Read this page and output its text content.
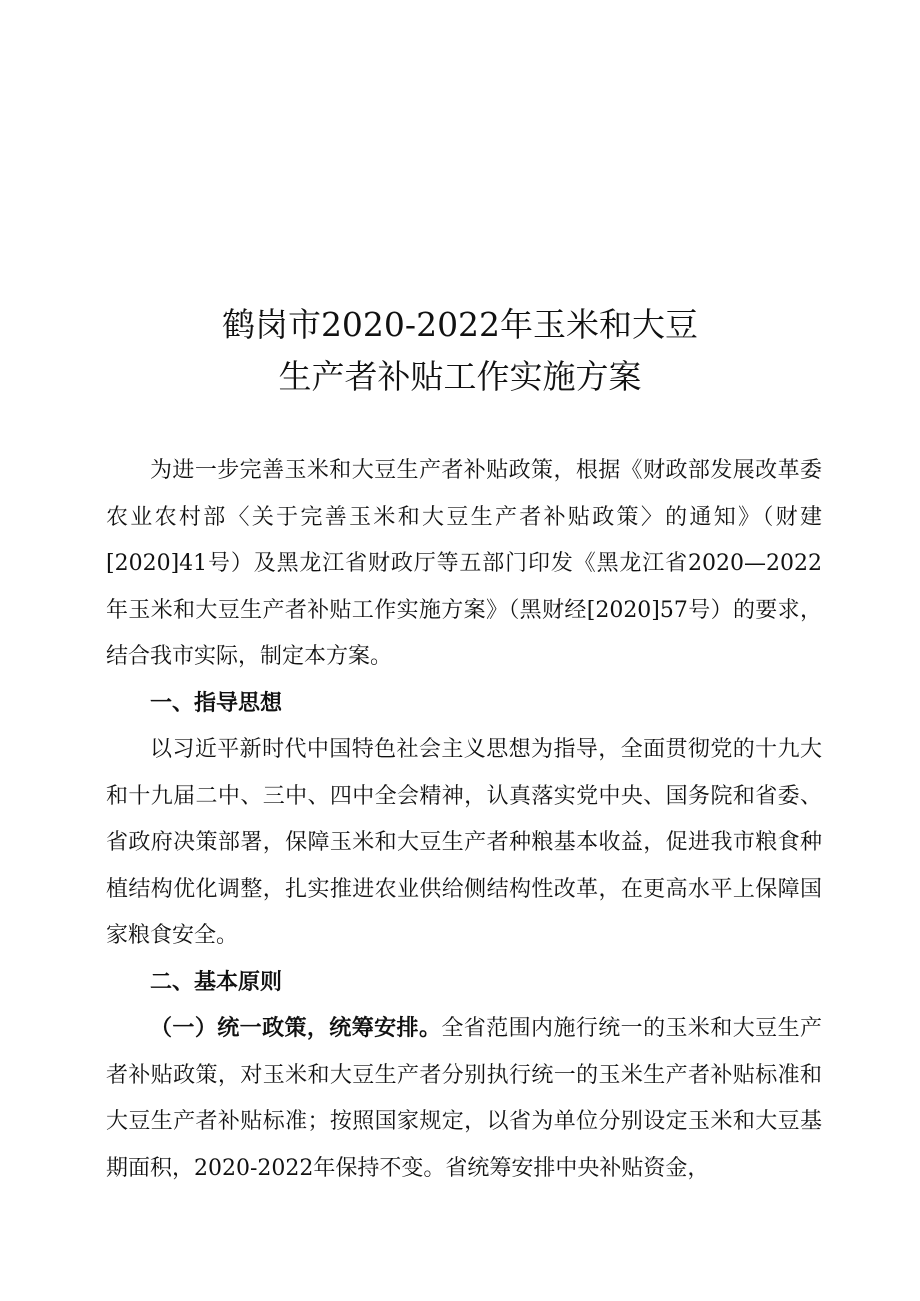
鹤岗市2020-2022年玉米和大豆
生产者补贴工作实施方案

为进一步完善玉米和大豆生产者补贴政策，根据《财政部发展改革委农业农村部〈关于完善玉米和大豆生产者补贴政策〉的通知》（财建[2020]41号）及黑龙江省财政厅等五部门印发《黑龙江省2020—2022年玉米和大豆生产者补贴工作实施方案》（黑财经[2020]57号）的要求，结合我市实际，制定本方案。

一、指导思想

以习近平新时代中国特色社会主义思想为指导，全面贯彻党的十九大和十九届二中、三中、四中全会精神，认真落实党中央、国务院和省委、省政府决策部署，保障玉米和大豆生产者种粮基本收益，促进我市粮食种植结构优化调整，扎实推进农业供给侧结构性改革，在更高水平上保障国家粮食安全。

二、基本原则

（一）统一政策，统筹安排。全省范围内施行统一的玉米和大豆生产者补贴政策，对玉米和大豆生产者分别执行统一的玉米生产者补贴标准和大豆生产者补贴标准；按照国家规定，以省为单位分别设定玉米和大豆基期面积，2020-2022年保持不变。省统筹安排中央补贴资金，
